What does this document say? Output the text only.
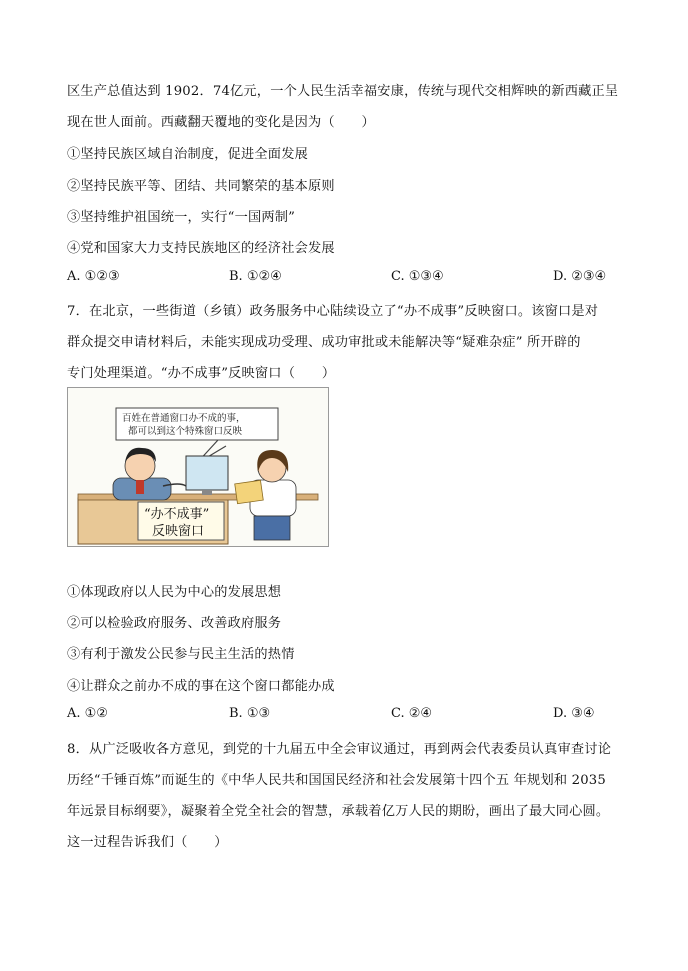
区生产总值达到 1902．74亿元，一个人民生活幸福安康，传统与现代交相辉映的新西藏正呈
现在世人面前。西藏翻天覆地的变化是因为（　　）
①坚持民族区域自治制度，促进全面发展
②坚持民族平等、团结、共同繁荣的基本原则
③坚持维护祖国统一，实行“一国两制”
④党和国家大力支持民族地区的经济社会发展
A. ①②③	B. ①②④	C. ①③④	D. ②③④
7．在北京，一些街道（乡镇）政务服务中心陆续设立了“办不成事”反映窗口。该窗口是对
群众提交申请材料后，未能实现成功受理、成功审批或未能解决等“疑难杂症” 所开辟的
专门处理渠道。“办不成事”反映窗口（　　）
百姓在普通窗口办不成的事，
都可以到这个特殊窗口反映
“办不成事”
反映窗口
①体现政府以人民为中心的发展思想
②可以检验政府服务、改善政府服务
③有利于激发公民参与民主生活的热情
④让群众之前办不成的事在这个窗口都能办成
A. ①②	B. ①③	C. ②④	D. ③④
8．从广泛吸收各方意见，到党的十九届五中全会审议通过，再到两会代表委员认真审查讨论
历经“千锤百炼”而诞生的《中华人民共和国国民经济和社会发展第十四个五 年规划和 2035
年远景目标纲要》，凝聚着全党全社会的智慧，承载着亿万人民的期盼，画出了最大同心圆。
这一过程告诉我们（　　）
